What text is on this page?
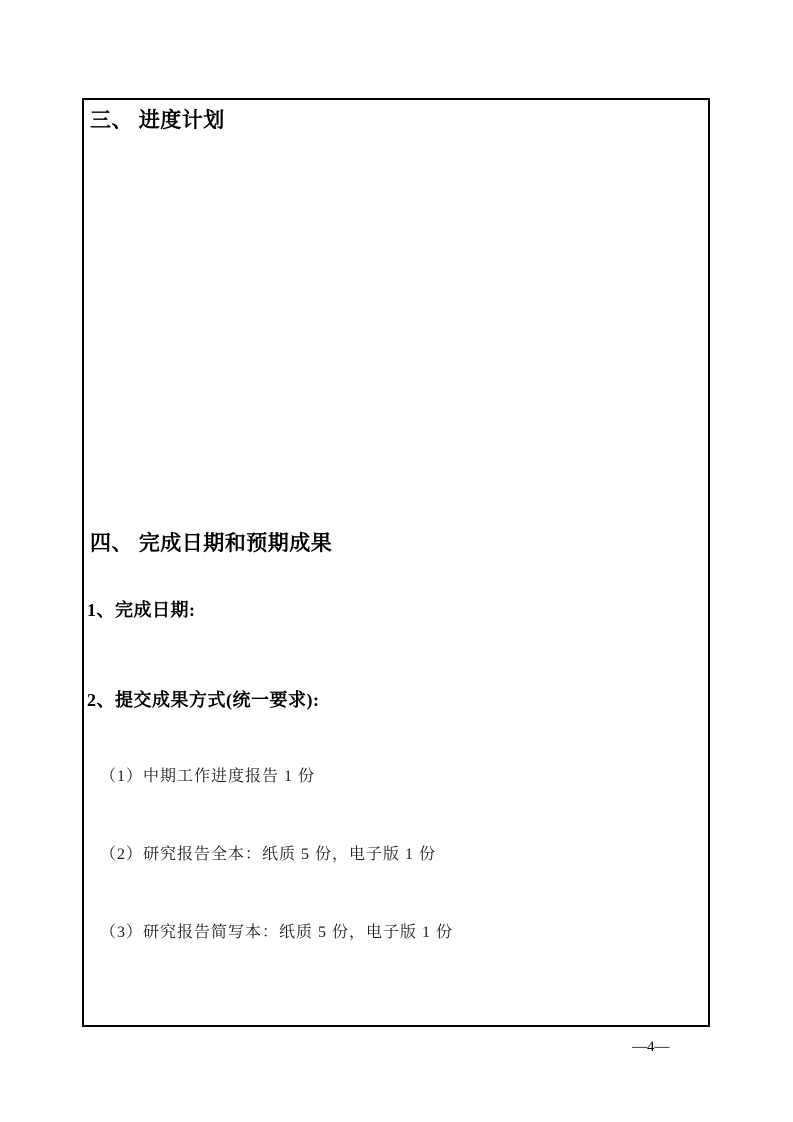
三、 进度计划
四、 完成日期和预期成果
1、完成日期:
2、提交成果方式(统一要求):

（1）中期工作进度报告 1 份

（2）研究报告全本：纸质 5 份，电子版 1 份

（3）研究报告简写本：纸质 5 份，电子版 1 份

—4—
